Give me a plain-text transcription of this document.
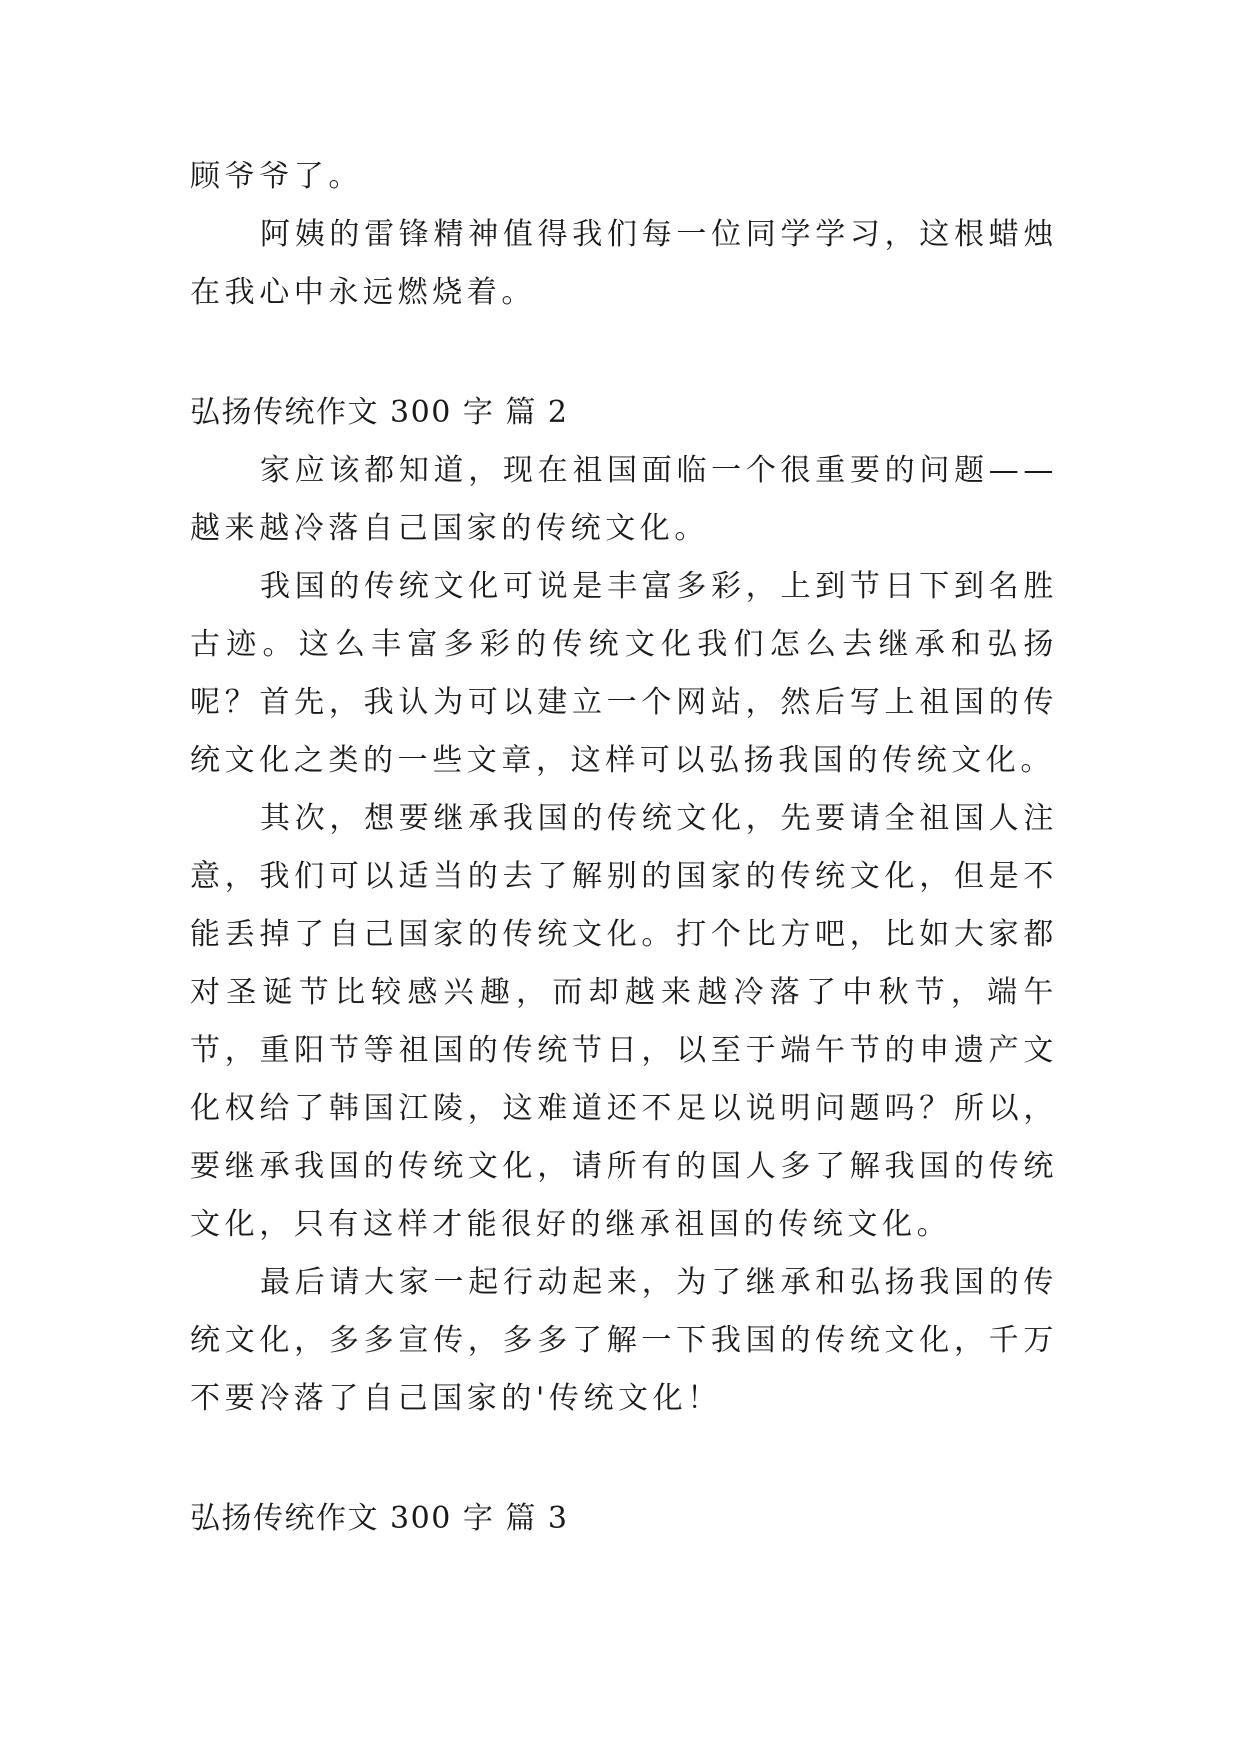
顾爷爷了。

阿姨的雷锋精神值得我们每一位同学学习，这根蜡烛在我心中永远燃烧着。

弘扬传统作文 300 字 篇 2

家应该都知道，现在祖国面临一个很重要的问题——越来越冷落自己国家的传统文化。

我国的传统文化可说是丰富多彩，上到节日下到名胜古迹。这么丰富多彩的传统文化我们怎么去继承和弘扬呢？首先，我认为可以建立一个网站，然后写上祖国的传统文化之类的一些文章，这样可以弘扬我国的传统文化。

其次，想要继承我国的传统文化，先要请全祖国人注意，我们可以适当的去了解别的国家的传统文化，但是不能丢掉了自己国家的传统文化。打个比方吧，比如大家都对圣诞节比较感兴趣，而却越来越冷落了中秋节，端午节，重阳节等祖国的传统节日，以至于端午节的申遗产文化权给了韩国江陵，这难道还不足以说明问题吗？所以，要继承我国的传统文化，请所有的国人多了解我国的传统文化，只有这样才能很好的继承祖国的传统文化。

最后请大家一起行动起来，为了继承和弘扬我国的传统文化，多多宣传，多多了解一下我国的传统文化，千万不要冷落了自己国家的'传统文化！

弘扬传统作文 300 字 篇 3
